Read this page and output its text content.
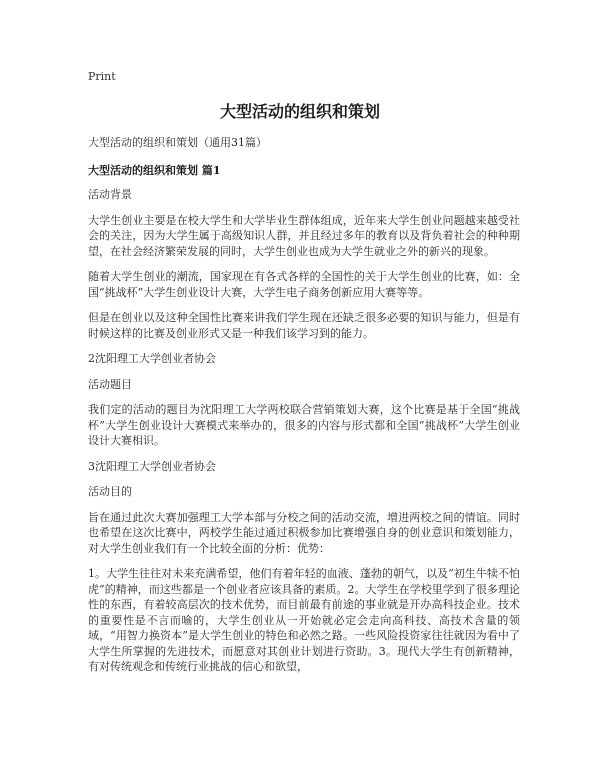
Print
大型活动的组织和策划

大型活动的组织和策划（通用31篇）

大型活动的组织和策划 篇1

活动背景

大学生创业主要是在校大学生和大学毕业生群体组成，近年来大学生创业问题越来越受社会的关注，因为大学生属于高级知识人群，并且经过多年的教育以及背负着社会的种种期望，在社会经济繁荣发展的同时，大学生创业也成为大学生就业之外的新兴的现象。

随着大学生创业的潮流，国家现在有各式各样的全国性的关于大学生创业的比赛，如：全国“挑战杯”大学生创业设计大赛，大学生电子商务创新应用大赛等等。

但是在创业以及这种全国性比赛来讲我们学生现在还缺乏很多必要的知识与能力，但是有时候这样的比赛及创业形式又是一种我们该学习到的能力。

2沈阳理工大学创业者协会

活动题目

我们定的活动的题目为沈阳理工大学两校联合营销策划大赛，这个比赛是基于全国“挑战杯”大学生创业设计大赛模式来举办的，很多的内容与形式都和全国“挑战杯”大学生创业设计大赛相识。

3沈阳理工大学创业者协会

活动目的

旨在通过此次大赛加强理工大学本部与分校之间的活动交流，增进两校之间的情谊。同时也希望在这次比赛中，两校学生能过通过积极参加比赛增强自身的创业意识和策划能力，对大学生创业我们有一个比较全面的分析：优势：

1。大学生往往对未来充满希望，他们有着年轻的血液、蓬勃的朝气，以及“初生牛犊不怕虎”的精神，而这些都是一个创业者应该具备的素质。2。大学生在学校里学到了很多理论性的东西，有着较高层次的技术优势，而目前最有前途的事业就是开办高科技企业。技术的重要性是不言而喻的，大学生创业从一开始就必定会走向高科技、高技术含量的领域，“用智力换资本”是大学生创业的特色和必然之路。一些风险投资家往往就因为看中了大学生所掌握的先进技术，而愿意对其创业计划进行资助。3。现代大学生有创新精神，有对传统观念和传统行业挑战的信心和欲望，
